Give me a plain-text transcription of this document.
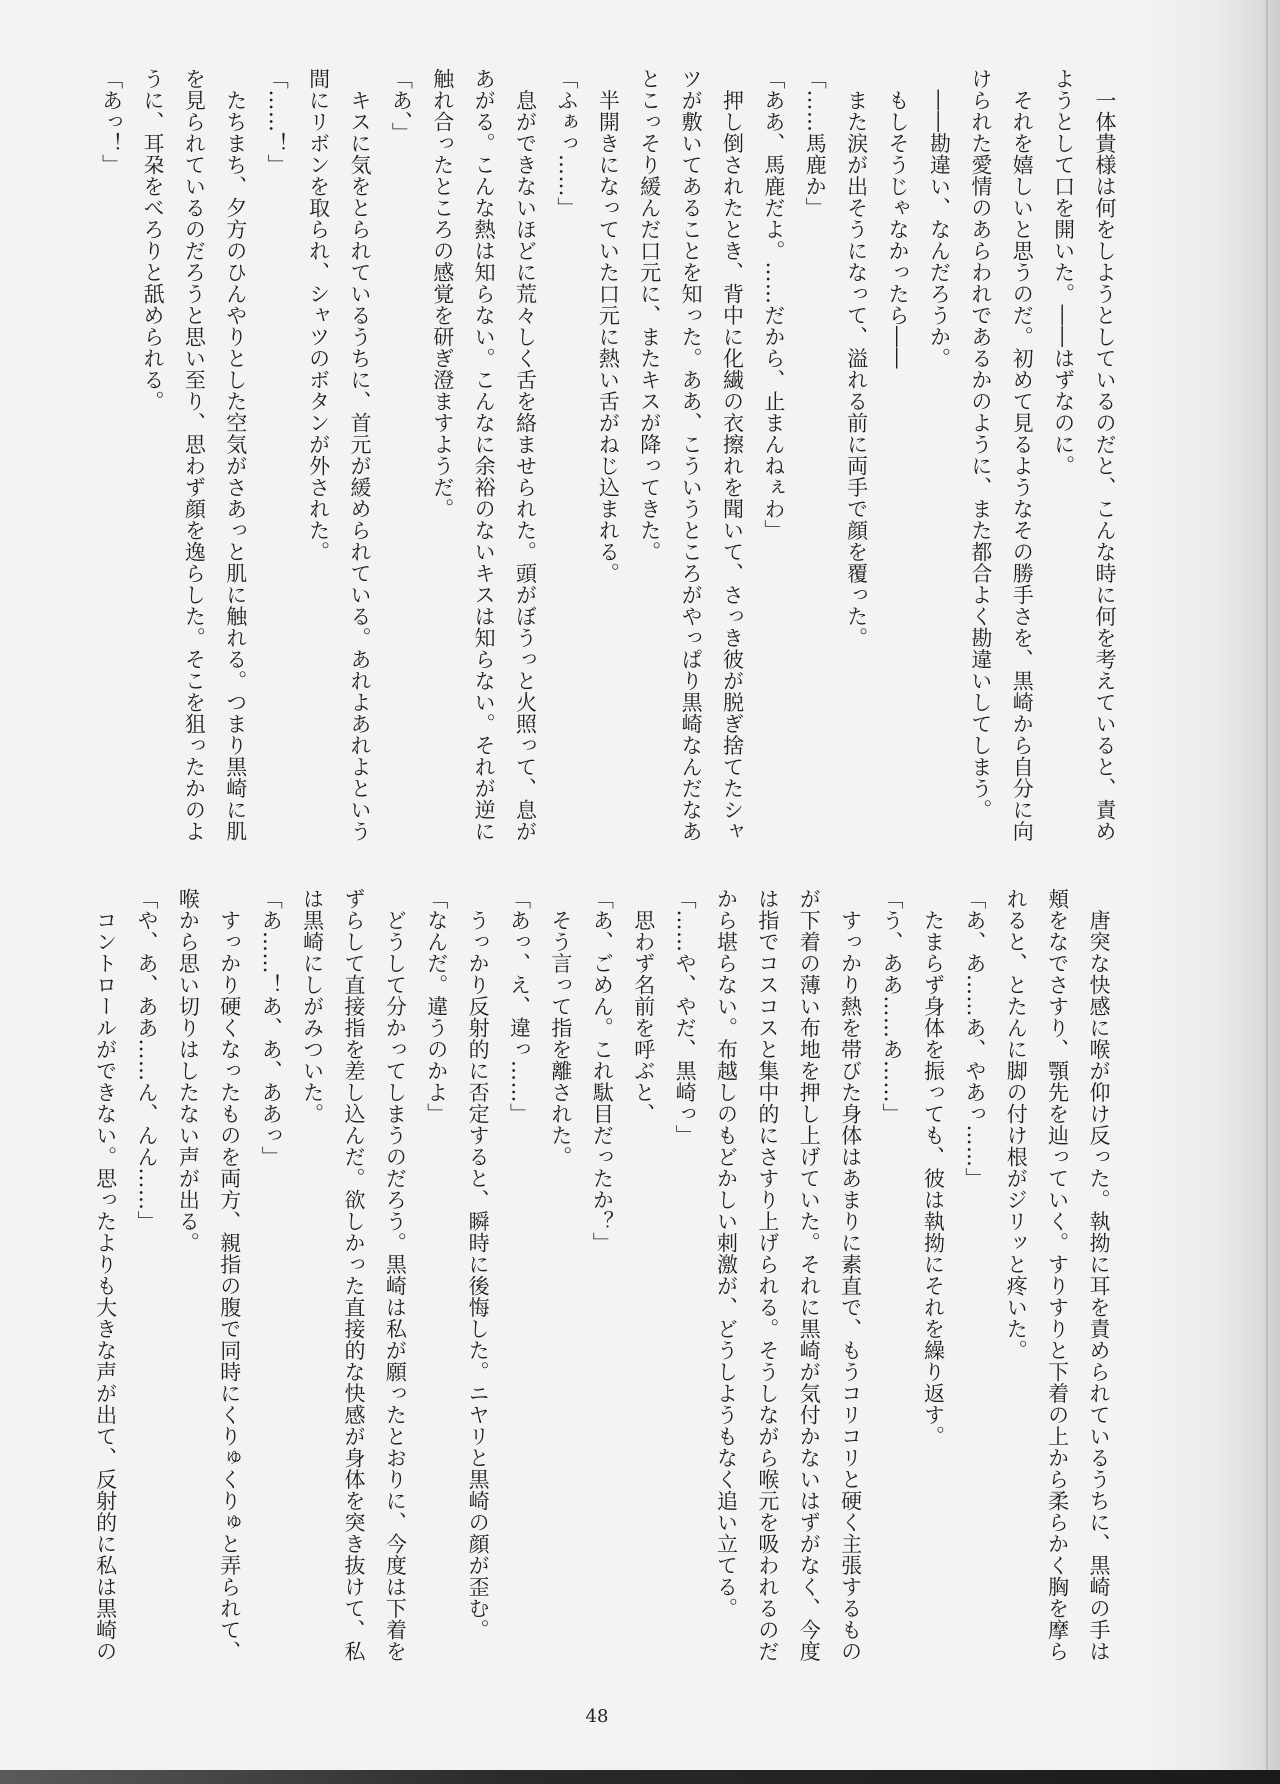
　一体貴様は何をしようとしているのだと、こんな時に何を考えていると、責め
ようとして口を開いた。――はずなのに。
　それを嬉しいと思うのだ。初めて見るようなその勝手さを、黒崎から自分に向
けられた愛情のあらわれであるかのように、また都合よく勘違いしてしまう。
　――勘違い、なんだろうか。
　もしそうじゃなかったら――
　また涙が出そうになって、溢れる前に両手で顔を覆った。
「……馬鹿か」
「ああ、馬鹿だよ。……だから、止まんねぇわ」
　押し倒されたとき、背中に化繊の衣擦れを聞いて、さっき彼が脱ぎ捨てたシャ
ツが敷いてあることを知った。ああ、こういうところがやっぱり黒崎なんだなあ
とこっそり緩んだ口元に、またキスが降ってきた。
　半開きになっていた口元に熱い舌がねじ込まれる。
「ふぁっ……」
　息ができないほどに荒々しく舌を絡ませられた。頭がぼうっと火照って、息が
あがる。こんな熱は知らない。こんなに余裕のないキスは知らない。それが逆に
触れ合ったところの感覚を研ぎ澄ますようだ。
「あ、」
　キスに気をとられているうちに、首元が緩められている。あれよあれよという
間にリボンを取られ、シャツのボタンが外された。
「……！」
　たちまち、夕方のひんやりとした空気がさあっと肌に触れる。つまり黒崎に肌
を見られているのだろうと思い至り、思わず顔を逸らした。そこを狙ったかのよ
うに、耳朶をべろりと舐められる。
「あっ！」
　唐突な快感に喉が仰け反った。執拗に耳を責められているうちに、黒崎の手は
頬をなでさすり、顎先を辿っていく。すりすりと下着の上から柔らかく胸を摩ら
れると、とたんに脚の付け根がジリッと疼いた。
「あ、あ……あ、やあっ……」
　たまらず身体を振っても、彼は執拗にそれを繰り返す。
「う、ああ……あ……」
　すっかり熱を帯びた身体はあまりに素直で、もうコリコリと硬く主張するもの
が下着の薄い布地を押し上げていた。それに黒崎が気付かないはずがなく、今度
は指でコスコスと集中的にさすり上げられる。そうしながら喉元を吸われるのだ
から堪らない。布越しのもどかしい刺激が、どうしようもなく追い立てる。
「……や、やだ、黒崎っ」
　思わず名前を呼ぶと、
「あ、ごめん。これ駄目だったか？」
　そう言って指を離された。
「あっ、え、違っ……」
　うっかり反射的に否定すると、瞬時に後悔した。ニヤリと黒崎の顔が歪む。
「なんだ。違うのかよ」
　どうして分かってしまうのだろう。黒崎は私が願ったとおりに、今度は下着を
ずらして直接指を差し込んだ。欲しかった直接的な快感が身体を突き抜けて、私
は黒崎にしがみついた。
「あ……！あ、あ、ああっ」
　すっかり硬くなったものを両方、親指の腹で同時にくりゅくりゅと弄られて、
喉から思い切りはしたない声が出る。
「や、あ、ああ……ん、んん……」
　コントロールができない。思ったよりも大きな声が出て、反射的に私は黒崎の
48
